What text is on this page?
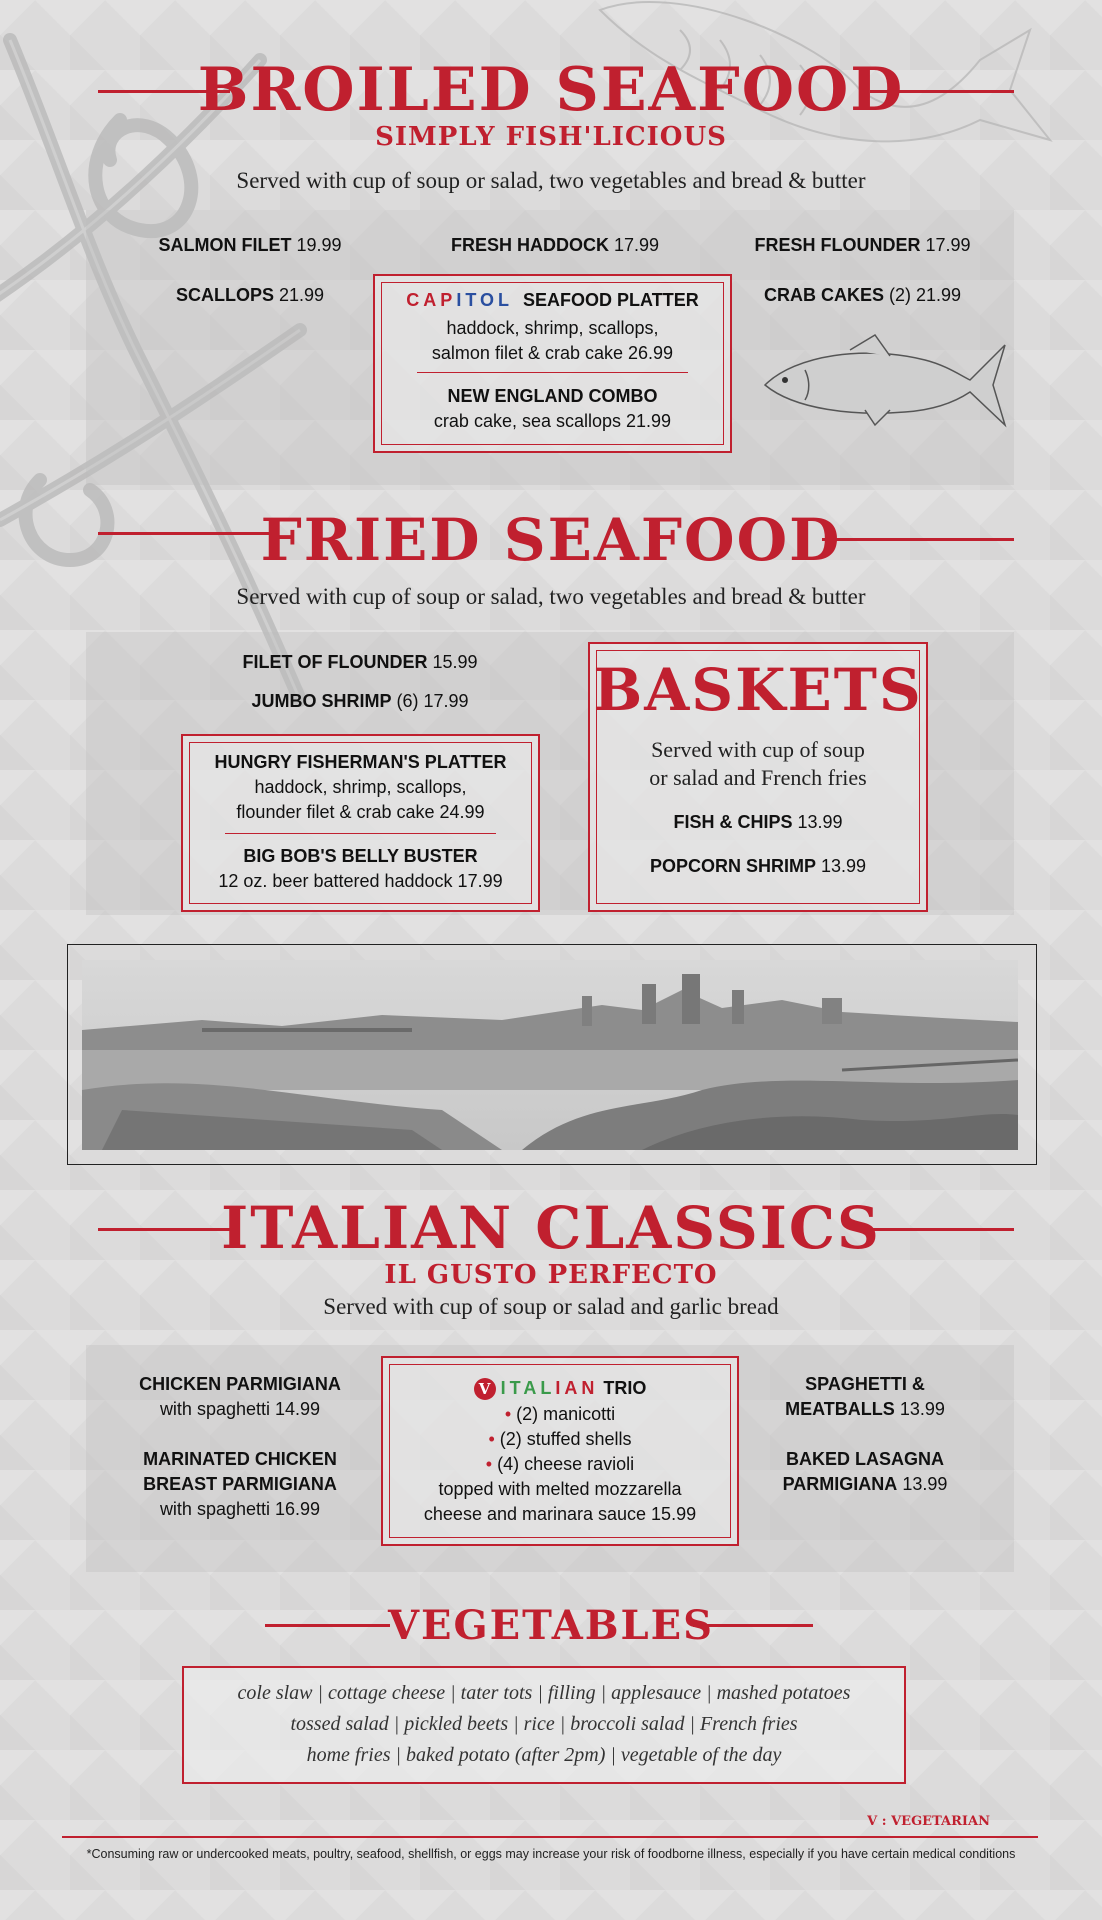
BROILED SEAFOOD
SIMPLY FISH'LICIOUS
Served with cup of soup or salad, two vegetables and bread & butter
SALMON FILET 19.99	FRESH HADDOCK 17.99	FRESH FLOUNDER 17.99
SCALLOPS 21.99	CRAB CAKES (2) 21.99
CAPITOL SEAFOOD PLATTER
haddock, shrimp, scallops,
salmon filet & crab cake 26.99
NEW ENGLAND COMBO
crab cake, sea scallops 21.99
FRIED SEAFOOD
Served with cup of soup or salad, two vegetables and bread & butter
FILET OF FLOUNDER 15.99
JUMBO SHRIMP (6) 17.99
HUNGRY FISHERMAN'S PLATTER
haddock, shrimp, scallops,
flounder filet & crab cake 24.99
BIG BOB'S BELLY BUSTER
12 oz. beer battered haddock 17.99
BASKETS
Served with cup of soup
or salad and French fries
FISH & CHIPS 13.99
POPCORN SHRIMP 13.99
ITALIAN CLASSICS
IL GUSTO PERFECTO
Served with cup of soup or salad and garlic bread
CHICKEN PARMIGIANA
with spaghetti 14.99
MARINATED CHICKEN
BREAST PARMIGIANA
with spaghetti 16.99
SPAGHETTI &
MEATBALLS 13.99
BAKED LASAGNA
PARMIGIANA 13.99
V ITALIAN TRIO
• (2) manicotti
• (2) stuffed shells
• (4) cheese ravioli
topped with melted mozzarella
cheese and marinara sauce 15.99
VEGETABLES
cole slaw | cottage cheese | tater tots | filling | applesauce | mashed potatoes
tossed salad | pickled beets | rice | broccoli salad | French fries
home fries | baked potato (after 2pm) | vegetable of the day
V : VEGETARIAN
*Consuming raw or undercooked meats, poultry, seafood, shellfish, or eggs may increase your risk of foodborne illness, especially if you have certain medical conditions
